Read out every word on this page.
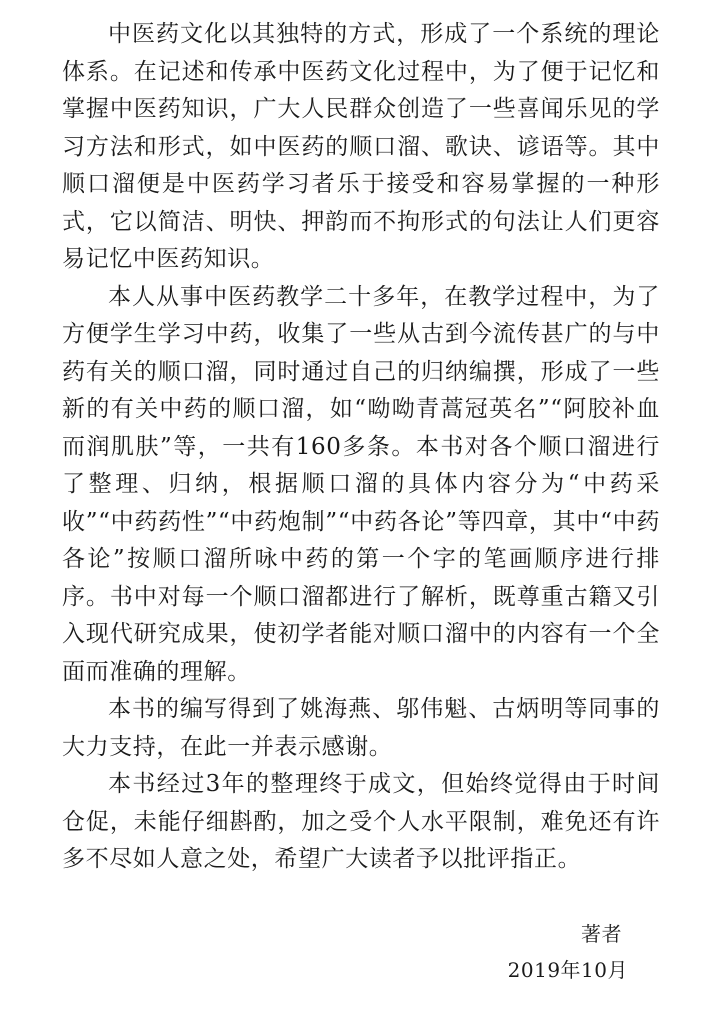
中医药文化以其独特的方式，形成了一个系统的理论体系。在记述和传承中医药文化过程中，为了便于记忆和掌握中医药知识，广大人民群众创造了一些喜闻乐见的学习方法和形式，如中医药的顺口溜、歌诀、谚语等。其中顺口溜便是中医药学习者乐于接受和容易掌握的一种形式，它以简洁、明快、押韵而不拘形式的句法让人们更容易记忆中医药知识。

本人从事中医药教学二十多年，在教学过程中，为了方便学生学习中药，收集了一些从古到今流传甚广的与中药有关的顺口溜，同时通过自己的归纳编撰，形成了一些新的有关中药的顺口溜，如“呦呦青蒿冠英名”“阿胶补血而润肌肤”等，一共有160多条。本书对各个顺口溜进行了整理、归纳，根据顺口溜的具体内容分为“中药采收”“中药药性”“中药炮制”“中药各论”等四章，其中“中药各论”按顺口溜所咏中药的第一个字的笔画顺序进行排序。书中对每一个顺口溜都进行了解析，既尊重古籍又引入现代研究成果，使初学者能对顺口溜中的内容有一个全面而准确的理解。

本书的编写得到了姚海燕、邬伟魁、古炳明等同事的大力支持，在此一并表示感谢。

本书经过3年的整理终于成文，但始终觉得由于时间仓促，未能仔细斟酌，加之受个人水平限制，难免还有许多不尽如人意之处，希望广大读者予以批评指正。

著者
2019年10月
